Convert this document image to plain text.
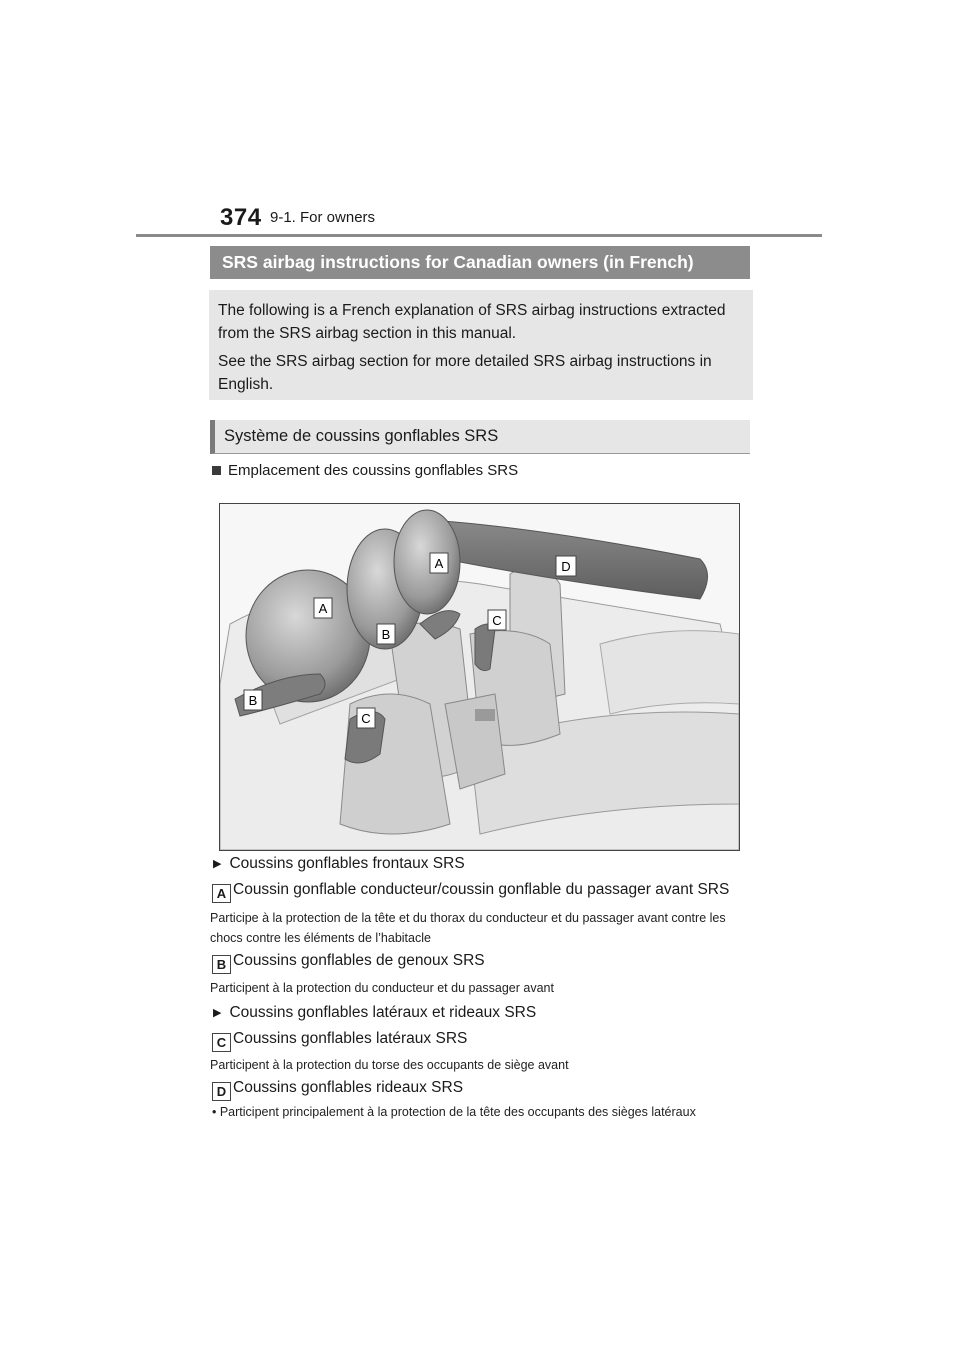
374 9-1. For owners
SRS airbag instructions for Canadian owners (in French)

The following is a French explanation of SRS airbag instructions extracted from the SRS airbag section in this manual.

See the SRS airbag section for more detailed SRS airbag instructions in English.

Système de coussins gonflables SRS
Emplacement des coussins gonflables SRS
A
A
B
B
C
C
D
▶ Coussins gonflables frontaux SRS
A Coussin gonflable conducteur/coussin gonflable du passager avant SRS
Participe à la protection de la tête et du thorax du conducteur et du passager avant contre les chocs contre les éléments de l’habitacle
B Coussins gonflables de genoux SRS
Participent à la protection du conducteur et du passager avant
▶ Coussins gonflables latéraux et rideaux SRS
C Coussins gonflables latéraux SRS
Participent à la protection du torse des occupants de siège avant
D Coussins gonflables rideaux SRS
• Participent principalement à la protection de la tête des occupants des sièges latéraux
